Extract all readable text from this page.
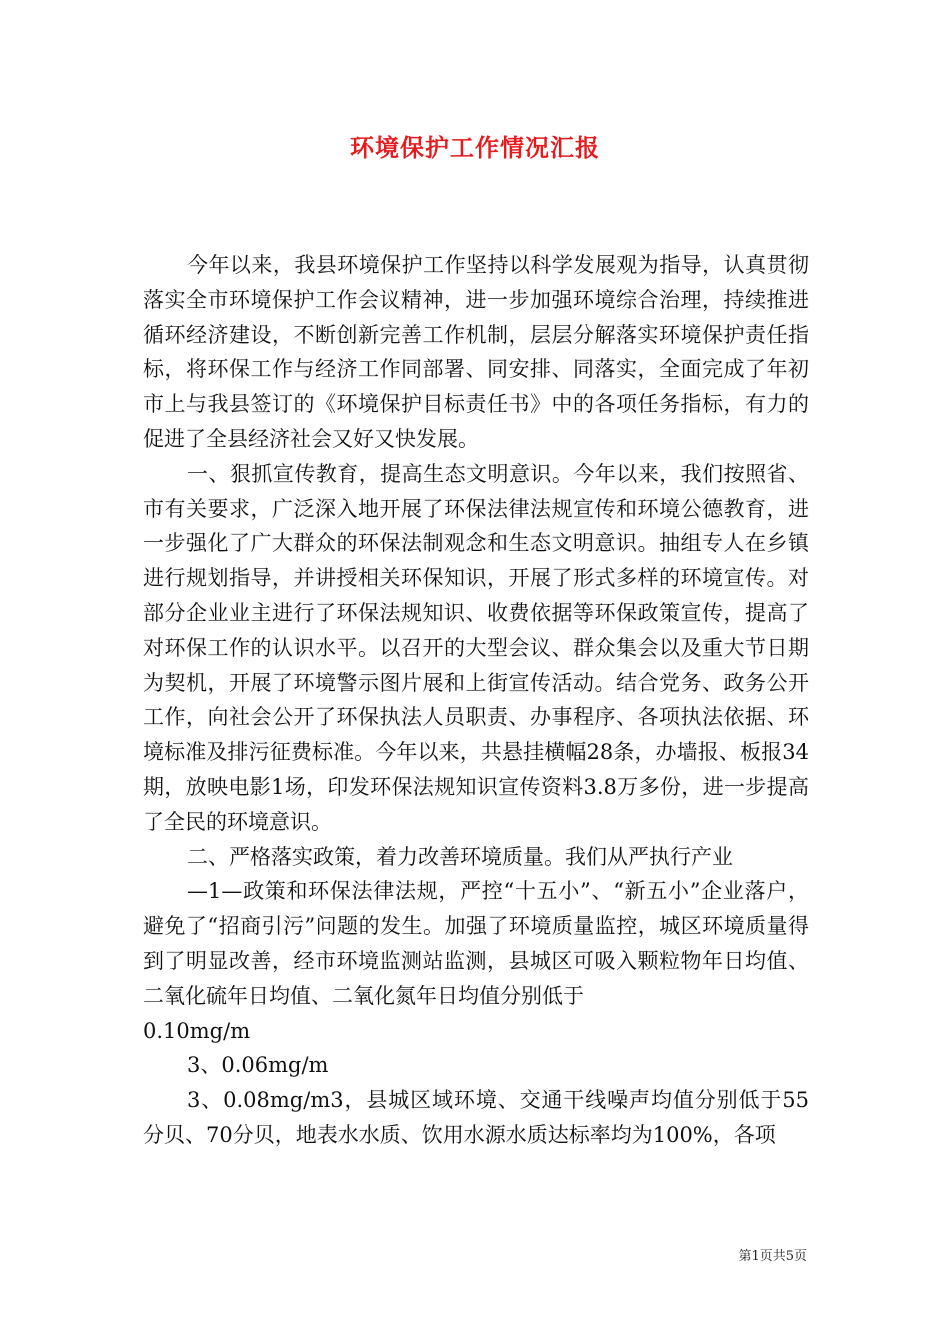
环境保护工作情况汇报

今年以来，我县环境保护工作坚持以科学发展观为指导，认真贯彻落实全市环境保护工作会议精神，进一步加强环境综合治理，持续推进循环经济建设，不断创新完善工作机制，层层分解落实环境保护责任指标，将环保工作与经济工作同部署、同安排、同落实，全面完成了年初市上与我县签订的《环境保护目标责任书》中的各项任务指标，有力的促进了全县经济社会又好又快发展。

一、狠抓宣传教育，提高生态文明意识。今年以来，我们按照省、市有关要求，广泛深入地开展了环保法律法规宣传和环境公德教育，进一步强化了广大群众的环保法制观念和生态文明意识。抽组专人在乡镇进行规划指导，并讲授相关环保知识，开展了形式多样的环境宣传。对部分企业业主进行了环保法规知识、收费依据等环保政策宣传，提高了对环保工作的认识水平。以召开的大型会议、群众集会以及重大节日期为契机，开展了环境警示图片展和上街宣传活动。结合党务、政务公开工作，向社会公开了环保执法人员职责、办事程序、各项执法依据、环境标准及排污征费标准。今年以来，共悬挂横幅28条，办墙报、板报34期，放映电影1场，印发环保法规知识宣传资料3.8万多份，进一步提高了全民的环境意识。

二、严格落实政策，着力改善环境质量。我们从严执行产业

—1—政策和环保法律法规，严控“十五小”、“新五小”企业落户，避免了“招商引污”问题的发生。加强了环境质量监控，城区环境质量得到了明显改善，经市环境监测站监测，县城区可吸入颗粒物年日均值、二氧化硫年日均值、二氧化氮年日均值分别低于

0.10mg/m

3、0.06mg/m

3、0.08mg/m3，县城区域环境、交通干线噪声均值分别低于55分贝、70分贝，地表水水质、饮用水源水质达标率均为100%，各项

第1页共5页
